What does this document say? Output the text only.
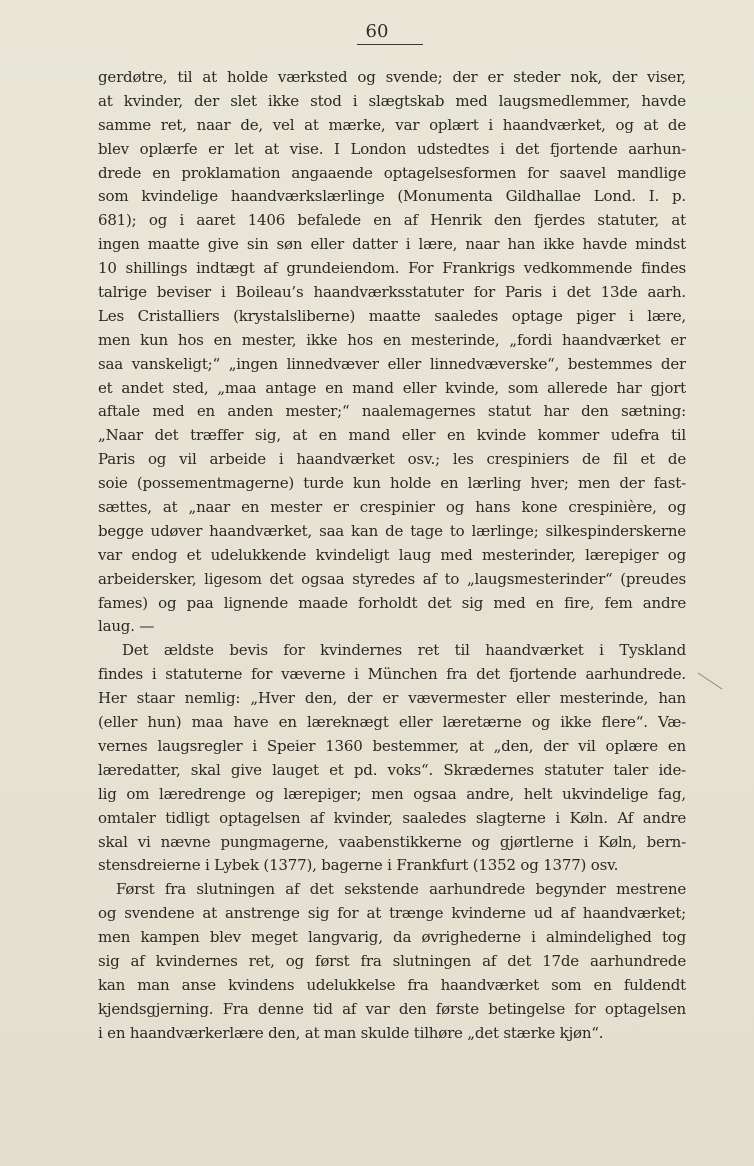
60
gerdøtre, til at holde værksted og svende; der er steder nok, der viser,
at kvinder, der slet ikke stod i slægtskab med laugsmedlemmer, havde
samme ret, naar de, vel at mærke, var oplært i haandværket, og at de
blev oplærfe er let at vise. I London udstedtes i det fjortende aarhun-
drede en proklamation angaaende optagelsesformen for saavel mandlige
som kvindelige haandværkslærlinge (Monumenta Gildhallae Lond. I. p.
681); og i aaret 1406 befalede en af Henrik den fjerdes statuter, at
ingen maatte give sin søn eller datter i lære, naar han ikke havde mindst
10 shillings indtægt af grundeiendom. For Frankrigs vedkommende findes
talrige beviser i Boileau’s haandværksstatuter for Paris i det 13de aarh.
Les Cristalliers (krystalsliberne) maatte saaledes optage piger i lære,
men kun hos en mester, ikke hos en mesterinde, „fordi haandværket er
saa vanskeligt;“ „ingen linnedvæver eller linnedvæverske“, bestemmes der
et andet sted, „maa antage en mand eller kvinde, som allerede har gjort
aftale med en anden mester;“ naalemagernes statut har den sætning:
„Naar det træffer sig, at en mand eller en kvinde kommer udefra til
Paris og vil arbeide i haandværket osv.; les crespiniers de fil et de
soie (possementmagerne) turde kun holde en lærling hver; men der fast-
sættes, at „naar en mester er crespinier og hans kone crespinière, og
begge udøver haandværket, saa kan de tage to lærlinge; silkespinderskerne
var endog et udelukkende kvindeligt laug med mesterinder, lærepiger og
arbeidersker, ligesom det ogsaa styredes af to „laugsmesterinder“ (preudes
fames) og paa lignende maade forholdt det sig med en fire, fem andre
laug. —
Det ældste bevis for kvindernes ret til haandværket i Tyskland
findes i statuterne for væverne i München fra det fjortende aarhundrede.
Her staar nemlig: „Hver den, der er vævermester eller mesterinde, han
(eller hun) maa have en læreknægt eller læretærne og ikke flere“. Væ-
vernes laugsregler i Speier 1360 bestemmer, at „den, der vil oplære en
læredatter, skal give lauget et pd. voks“. Skrædernes statuter taler ide-
lig om læredrenge og lærepiger; men ogsaa andre, helt ukvindelige fag,
omtaler tidligt optagelsen af kvinder, saaledes slagterne i Køln. Af andre
skal vi nævne pungmagerne, vaabenstikkerne og gjørtlerne i Køln, bern-
stensdreierne i Lybek (1377), bagerne i Frankfurt (1352 og 1377) osv.
Først fra slutningen af det sekstende aarhundrede begynder mestrene
og svendene at anstrenge sig for at trænge kvinderne ud af haandværket;
men kampen blev meget langvarig, da øvrighederne i almindelighed tog
sig af kvindernes ret, og først fra slutningen af det 17de aarhundrede
kan man anse kvindens udelukkelse fra haandværket som en fuldendt
kjendsgjerning. Fra denne tid af var den første betingelse for optagelsen
i en haandværkerlære den, at man skulde tilhøre „det stærke kjøn“.
